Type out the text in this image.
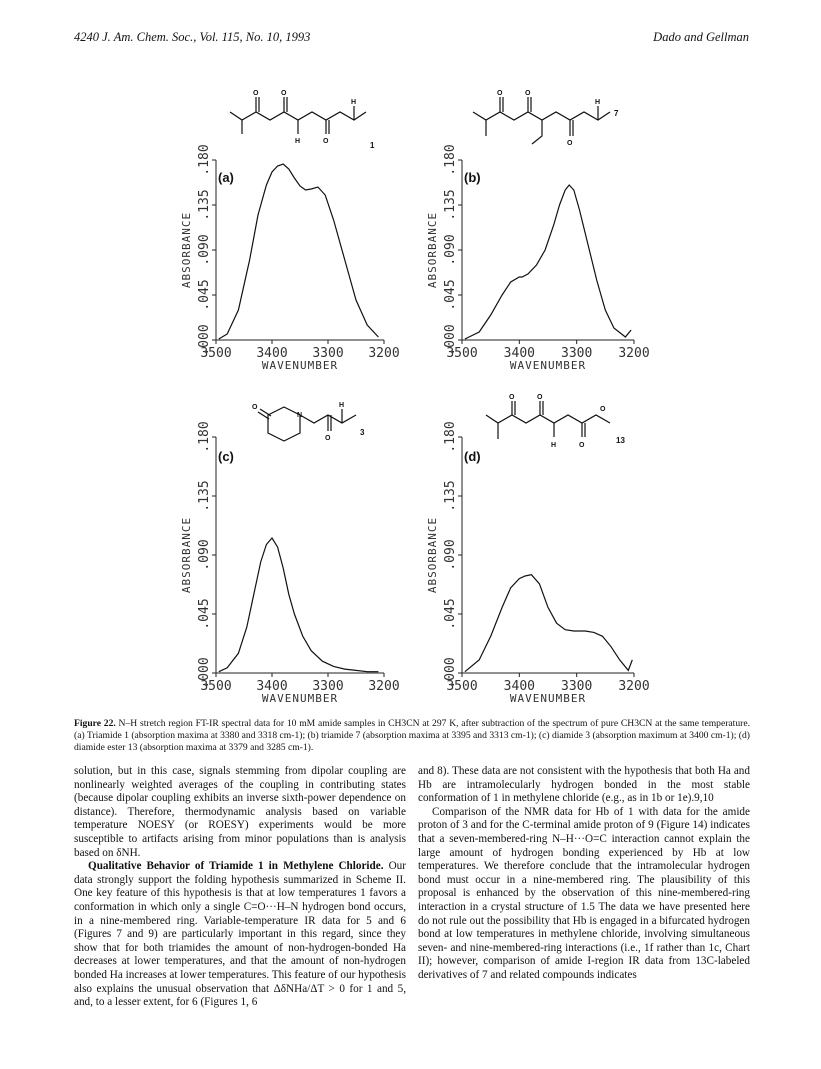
4240 J. Am. Chem. Soc., Vol. 115, No. 10, 1993	Dado and Gellman
O	O
H	O
H
1
(a)
.000
.045
.090
.135
.180
ABSORBANCE
3500 3400 3300 3200
WAVENUMBER
O	O
O
H
7
(b)
.000
.045
.090
.135
.180
ABSORBANCE
3500 3400 3300 3200
WAVENUMBER
O
N
O
H
3
(c)
.000
.045
.090
.135
.180
ABSORBANCE
3500 3400 3300 3200
WAVENUMBER
O	O
H	O
O
13
(d)
.000
.045
.090
.135
.180
ABSORBANCE
3500 3400 3300 3200
WAVENUMBER
Figure 22. N–H stretch region FT-IR spectral data for 10 mM amide samples in CH3CN at 297 K, after subtraction of the spectrum of pure CH3CN at the same temperature. (a) Triamide 1 (absorption maxima at 3380 and 3318 cm-1); (b) triamide 7 (absorption maxima at 3395 and 3313 cm-1); (c) diamide 3 (absorption maximum at 3400 cm-1); (d) diamide ester 13 (absorption maxima at 3379 and 3285 cm-1).

solution, but in this case, signals stemming from dipolar coupling are nonlinearly weighted averages of the coupling in contributing states (because dipolar coupling exhibits an inverse sixth-power dependence on distance). Therefore, thermodynamic analysis based on variable temperature NOESY (or ROESY) experiments would be more susceptible to artifacts arising from minor populations than is analysis based on δNH.

Qualitative Behavior of Triamide 1 in Methylene Chloride. Our data strongly support the folding hypothesis summarized in Scheme II. One key feature of this hypothesis is that at low temperatures 1 favors a conformation in which only a single C=O···H–N hydrogen bond occurs, in a nine-membered ring. Variable-temperature IR data for 5 and 6 (Figures 7 and 9) are particularly important in this regard, since they show that for both triamides the amount of non-hydrogen-bonded Ha decreases at lower temperatures, and that the amount of non-hydrogen bonded Ha increases at lower temperatures. This feature of our hypothesis also explains the unusual observation that ΔδNHa/ΔT > 0 for 1 and 5, and, to a lesser extent, for 6 (Figures 1, 6

and 8). These data are not consistent with the hypothesis that both Ha and Hb are intramolecularly hydrogen bonded in the most stable conformation of 1 in methylene chloride (e.g., as in 1b or 1e).9,10

Comparison of the NMR data for Hb of 1 with data for the amide proton of 3 and for the C-terminal amide proton of 9 (Figure 14) indicates that a seven-membered-ring N–H···O=C interaction cannot explain the large amount of hydrogen bonding experienced by Hb at low temperatures. We therefore conclude that the intramolecular hydrogen bond must occur in a nine-membered ring. The plausibility of this proposal is enhanced by the observation of this nine-membered-ring interaction in a crystal structure of 1.5 The data we have presented here do not rule out the possibility that Hb is engaged in a bifurcated hydrogen bond at low temperatures in methylene chloride, involving simultaneous seven- and nine-membered-ring interactions (i.e., 1f rather than 1c, Chart II); however, comparison of amide I-region IR data from 13C-labeled derivatives of 7 and related compounds indicates
